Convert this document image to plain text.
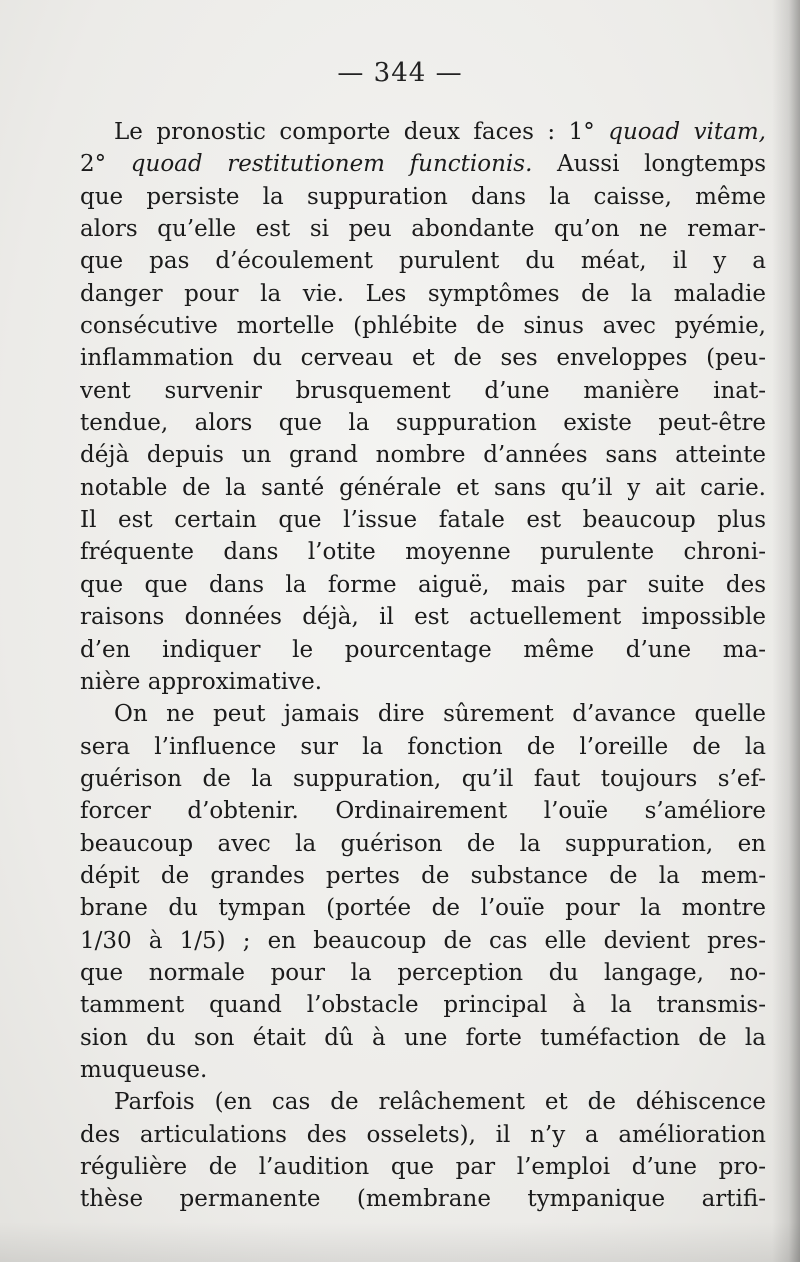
— 344 —
Le pronostic comporte deux faces : 1° quoad vitam,
2° quoad restitutionem functionis. Aussi longtemps
que persiste la suppuration dans la caisse, même
alors qu’elle est si peu abondante qu’on ne remar-
que pas d’écoulement purulent du méat, il y a
danger pour la vie. Les symptômes de la maladie
consécutive mortelle (phlébite de sinus avec pyémie,
inflammation du cerveau et de ses enveloppes (peu-
vent survenir brusquement d’une manière inat-
tendue, alors que la suppuration existe peut-être
déjà depuis un grand nombre d’années sans atteinte
notable de la santé générale et sans qu’il y ait carie.
Il est certain que l’issue fatale est beaucoup plus
fréquente dans l’otite moyenne purulente chroni-
que que dans la forme aiguë, mais par suite des
raisons données déjà, il est actuellement impossible
d’en indiquer le pourcentage même d’une ma-
nière approximative.
On ne peut jamais dire sûrement d’avance quelle
sera l’influence sur la fonction de l’oreille de la
guérison de la suppuration, qu’il faut toujours s’ef-
forcer d’obtenir. Ordinairement l’ouïe s’améliore
beaucoup avec la guérison de la suppuration, en
dépit de grandes pertes de substance de la mem-
brane du tympan (portée de l’ouïe pour la montre
1/30 à 1/5) ; en beaucoup de cas elle devient pres-
que normale pour la perception du langage, no-
tamment quand l’obstacle principal à la transmis-
sion du son était dû à une forte tuméfaction de la
muqueuse.
Parfois (en cas de relâchement et de déhiscence
des articulations des osselets), il n’y a amélioration
régulière de l’audition que par l’emploi d’une pro-
thèse permanente (membrane tympanique artifi-
